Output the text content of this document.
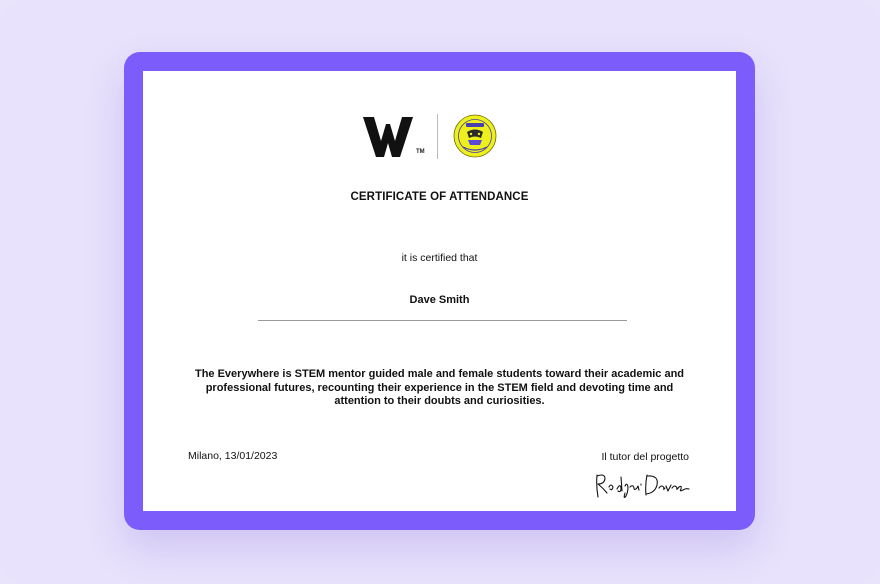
TM
CERTIFICATE OF ATTENDANCE
it is certified that
Dave Smith
The Everywhere is STEM mentor guided male and female students toward their academic and professional futures, recounting their experience in the STEM field and devoting time and attention to their doubts and curiosities.
Milano, 13/01/2023	Il tutor del progetto
